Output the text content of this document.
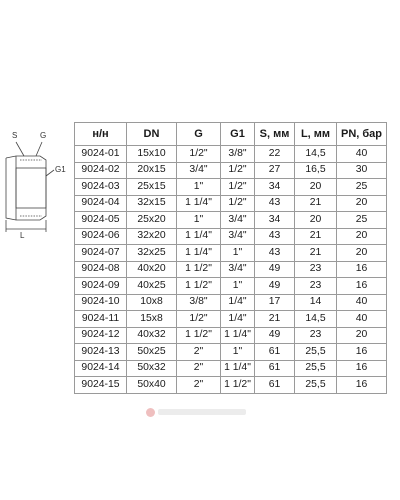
S	G
G1
L
н/н	DN	G	G1	S, мм	L, мм	PN, бар
9024-01	15x10	1/2"	3/8"	22	14,5	40
9024-02	20x15	3/4"	1/2"	27	16,5	30
9024-03	25x15	1"	1/2"	34	20	25
9024-04	32x15	1 1/4"	1/2"	43	21	20
9024-05	25x20	1"	3/4"	34	20	25
9024-06	32x20	1 1/4"	3/4"	43	21	20
9024-07	32x25	1 1/4"	1"	43	21	20
9024-08	40x20	1 1/2"	3/4"	49	23	16
9024-09	40x25	1 1/2"	1"	49	23	16
9024-10	10x8	3/8"	1/4"	17	14	40
9024-11	15x8	1/2"	1/4"	21	14,5	40
9024-12	40x32	1 1/2"	1 1/4"	49	23	20
9024-13	50x25	2"	1"	61	25,5	16
9024-14	50x32	2"	1 1/4"	61	25,5	16
9024-15	50x40	2"	1 1/2"	61	25,5	16
